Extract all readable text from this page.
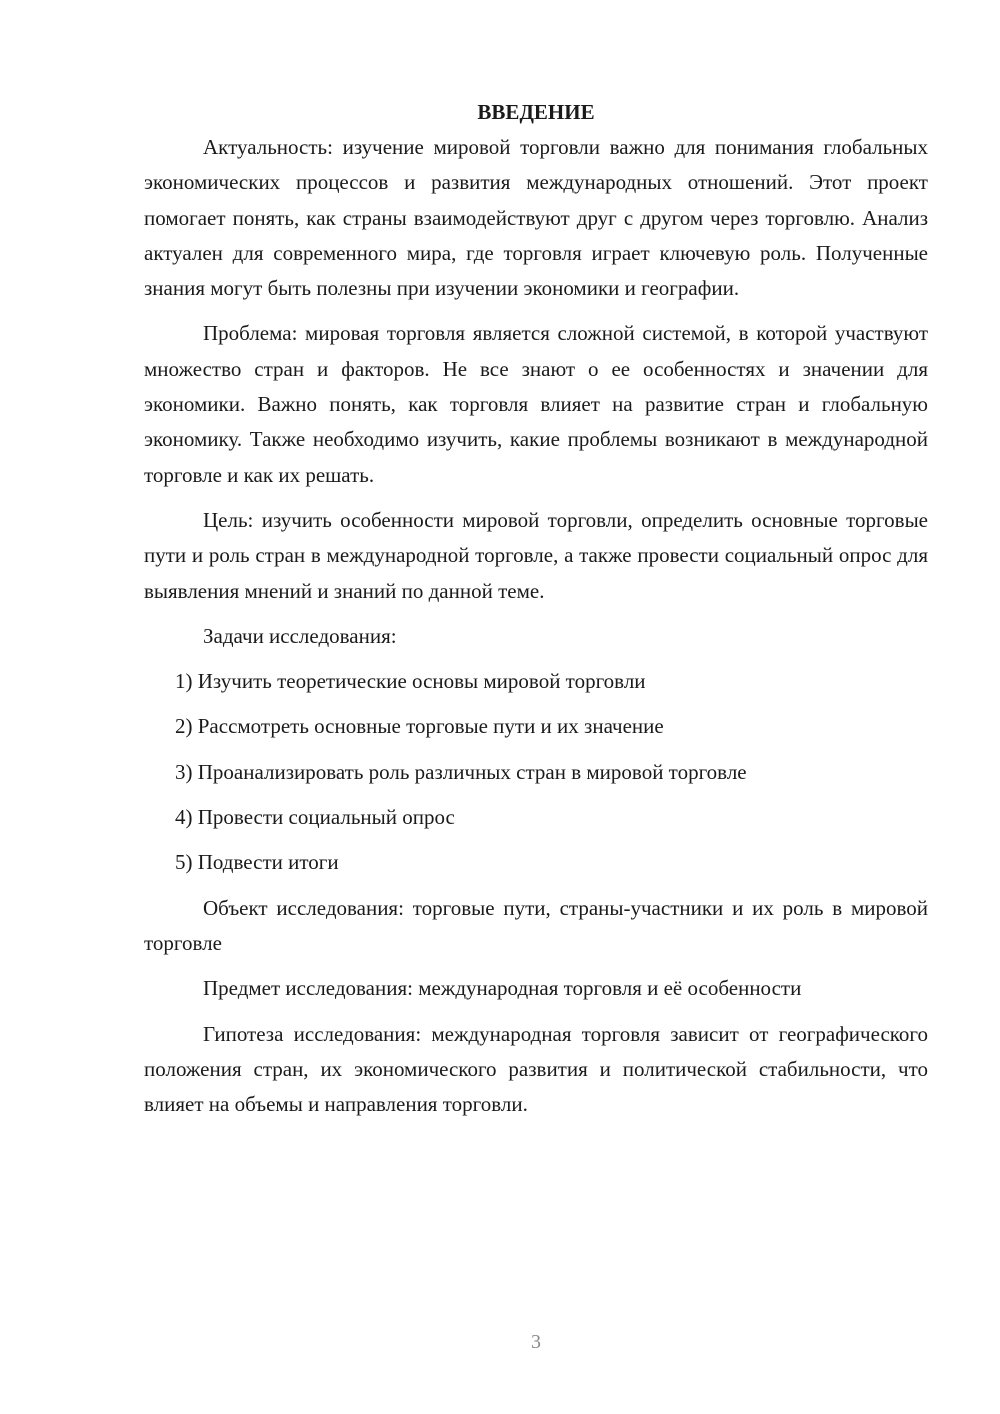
ВВЕДЕНИЕ

Актуальность: изучение мировой торговли важно для понимания глобальных экономических процессов и развития международных отношений. Этот проект помогает понять, как страны взаимодействуют друг с другом через торговлю. Анализ актуален для современного мира, где торговля играет ключевую роль. Полученные знания могут быть полезны при изучении экономики и географии.

Проблема: мировая торговля является сложной системой, в которой участвуют множество стран и факторов. Не все знают о ее особенностях и значении для экономики. Важно понять, как торговля влияет на развитие стран и глобальную экономику. Также необходимо изучить, какие проблемы возникают в международной торговле и как их решать.

Цель: изучить особенности мировой торговли, определить основные торговые пути и роль стран в международной торговле, а также провести социальный опрос для выявления мнений и знаний по данной теме.

Задачи исследования:

1) Изучить теоретические основы мировой торговли
2) Рассмотреть основные торговые пути и их значение
3) Проанализировать роль различных стран в мировой торговле
4) Провести социальный опрос
5) Подвести итоги

Объект исследования: торговые пути, страны-участники и их роль в мировой торговле

Предмет исследования: международная торговля и её особенности

Гипотеза исследования: международная торговля зависит от географического положения стран, их экономического развития и политической стабильности, что влияет на объемы и направления торговли.

3
